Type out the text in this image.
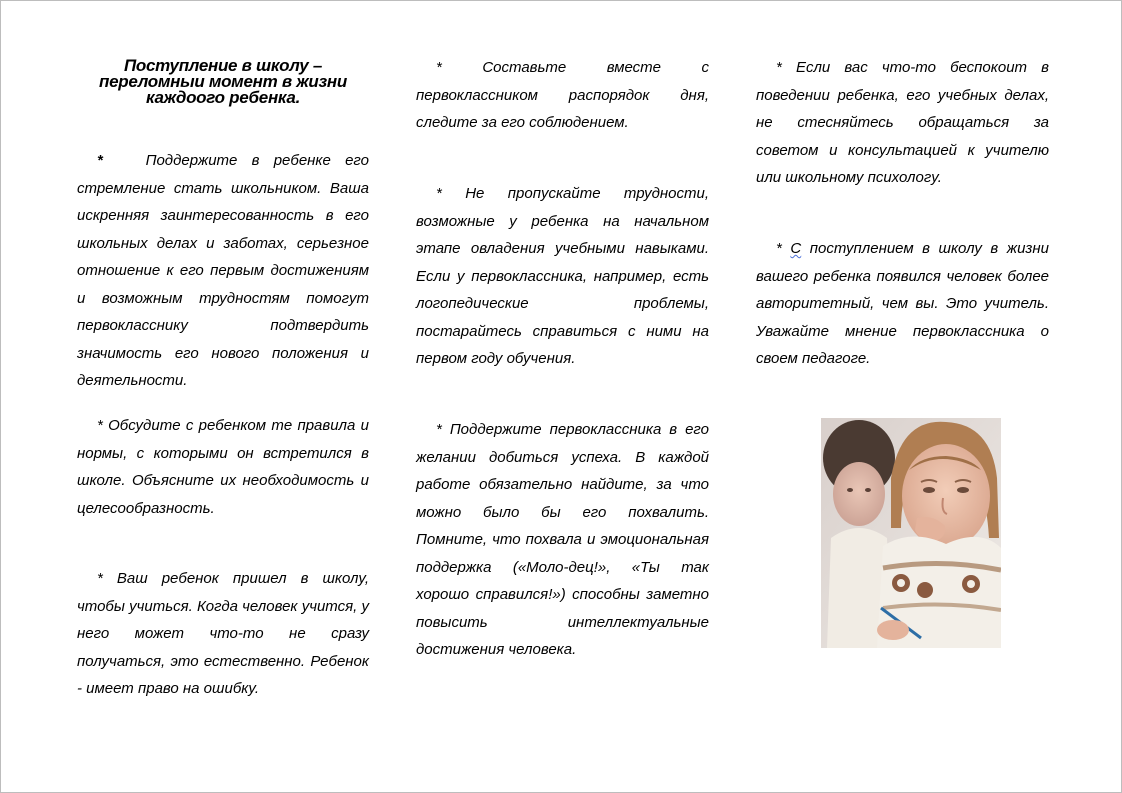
Поступление в школу –
переломныи момент в жизни
каждоого ребенка.
*	Поддержите в ребенке его стремление стать школьником. Ваша искренняя заинтересованность в его школьных делах и заботах, серьезное отношение к его первым достижениям и возможным трудностям помогут первокласснику подтвердить значимость его нового положения и деятельности.
* Обсудите с ребенком те правила и нормы, с которыми он встретился в школе. Объясните их необходимость и целесообразность.
* Ваш ребенок пришел в школу, чтобы учиться. Когда человек учится, у него может что-то не сразу получаться, это естественно. Ребенок - имеет право на ошибку.
* Составьте вместе с первоклассником распорядок дня, следите за его соблюдением.
* Не пропускайте трудности, возможные у ребенка на начальном этапе овладения учебными навыками. Если у первоклассника, например, есть логопедические проблемы, постарайтесь справиться с ними на первом году обучения.
* Поддержите первоклассника в его желании добиться успеха. В каждой работе обязательно найдите, за что можно было бы его похвалить. Помните, что похвала и эмоциональная поддержка («Моло-дец!», «Ты так хорошо справился!») способны заметно повысить интеллектуальные достижения человека.
* Если вас что-то беспокоит в поведении ребенка, его учебных делах, не стесняйтесь обращаться за советом и консультацией к учителю или школьному психологу.
* С поступлением в школу в жизни вашего ребенка появился человек более авторитетный, чем вы. Это учитель. Уважайте мнение первоклассника о своем педагоге.
